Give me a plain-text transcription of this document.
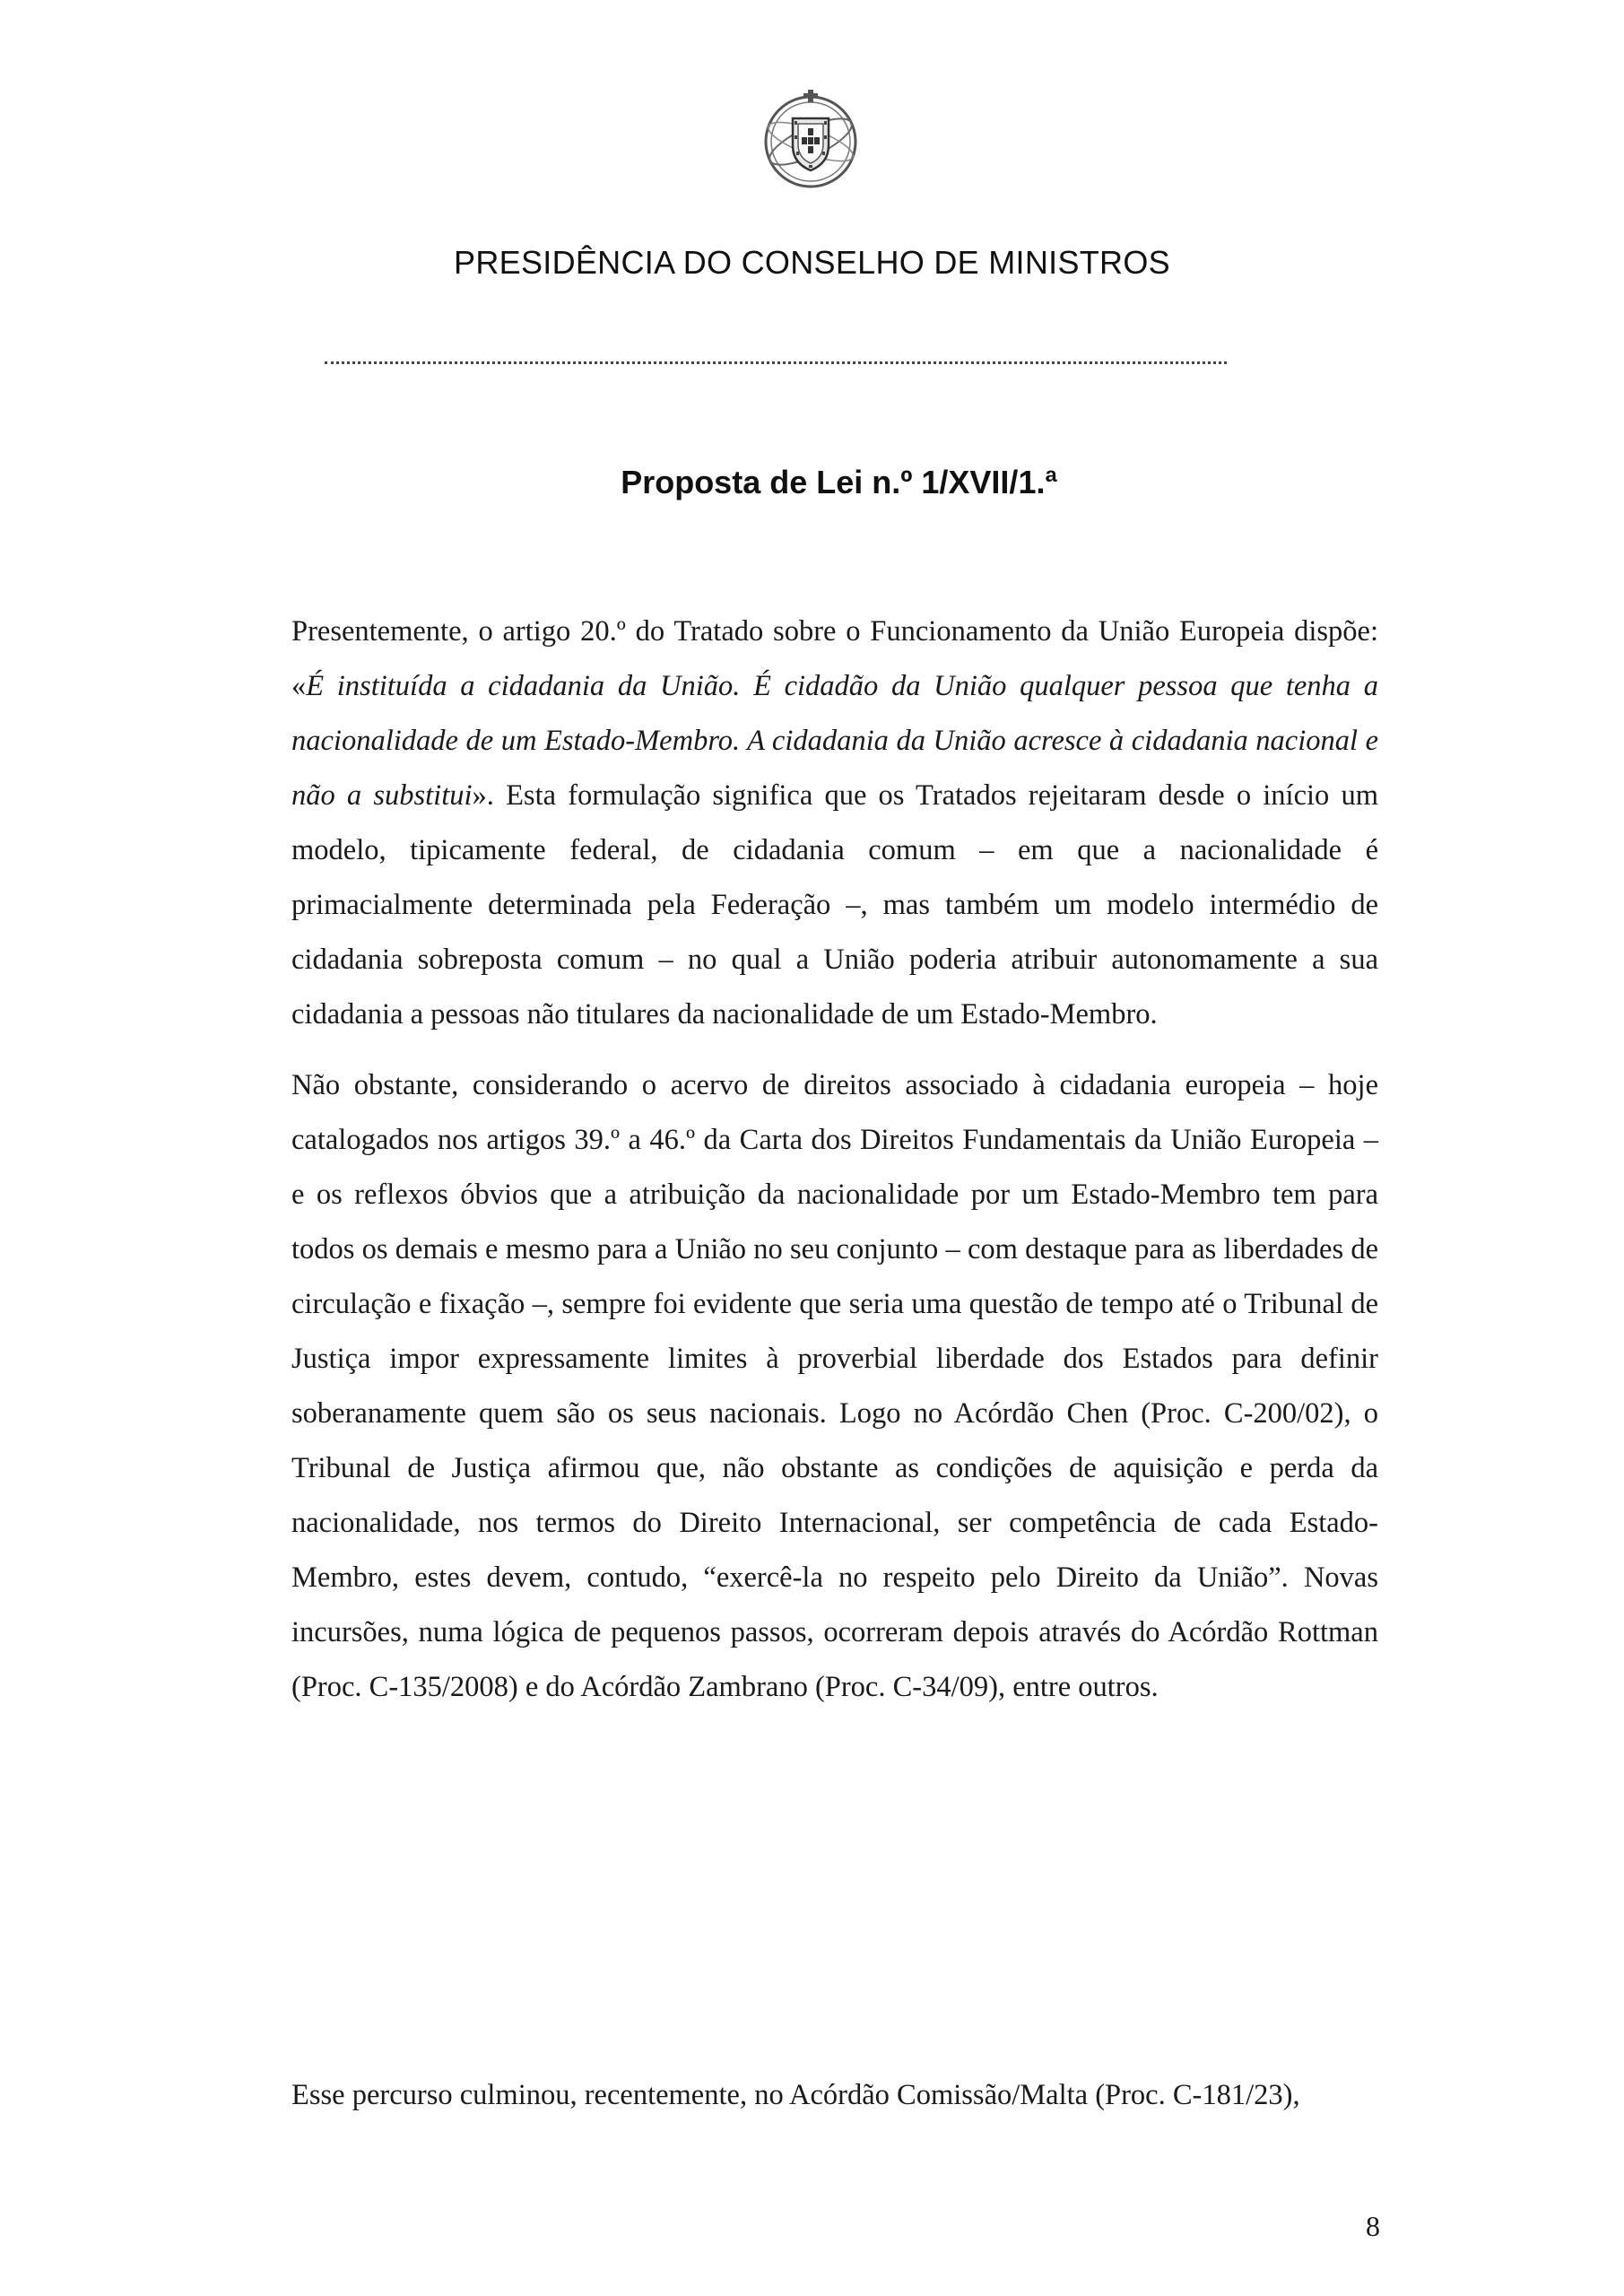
PRESIDÊNCIA DO CONSELHO DE MINISTROS
Proposta de Lei n.º 1/XVII/1.ª

Presentemente, o artigo 20.º do Tratado sobre o Funcionamento da União Europeia dispõe: «É instituída a cidadania da União. É cidadão da União qualquer pessoa que tenha a nacionalidade de um Estado-Membro. A cidadania da União acresce à cidadania nacional e não a substitui». Esta formulação significa que os Tratados rejeitaram desde o início um modelo, tipicamente federal, de cidadania comum – em que a nacionalidade é primacialmente determinada pela Federação –, mas também um modelo intermédio de cidadania sobreposta comum – no qual a União poderia atribuir autonomamente a sua cidadania a pessoas não titulares da nacionalidade de um Estado-Membro.

Não obstante, considerando o acervo de direitos associado à cidadania europeia – hoje catalogados nos artigos 39.º a 46.º da Carta dos Direitos Fundamentais da União Europeia – e os reflexos óbvios que a atribuição da nacionalidade por um Estado-Membro tem para todos os demais e mesmo para a União no seu conjunto – com destaque para as liberdades de circulação e fixação –, sempre foi evidente que seria uma questão de tempo até o Tribunal de Justiça impor expressamente limites à proverbial liberdade dos Estados para definir soberanamente quem são os seus nacionais. Logo no Acórdão Chen (Proc. C-200/02), o Tribunal de Justiça afirmou que, não obstante as condições de aquisição e perda da nacionalidade, nos termos do Direito Internacional, ser competência de cada Estado-Membro, estes devem, contudo, “exercê-la no respeito pelo Direito da União”. Novas incursões, numa lógica de pequenos passos, ocorreram depois através do Acórdão Rottman (Proc. C-135/2008) e do Acórdão Zambrano (Proc. C-34/09), entre outros.

Esse percurso culminou, recentemente, no Acórdão Comissão/Malta (Proc. C-181/23),

8
